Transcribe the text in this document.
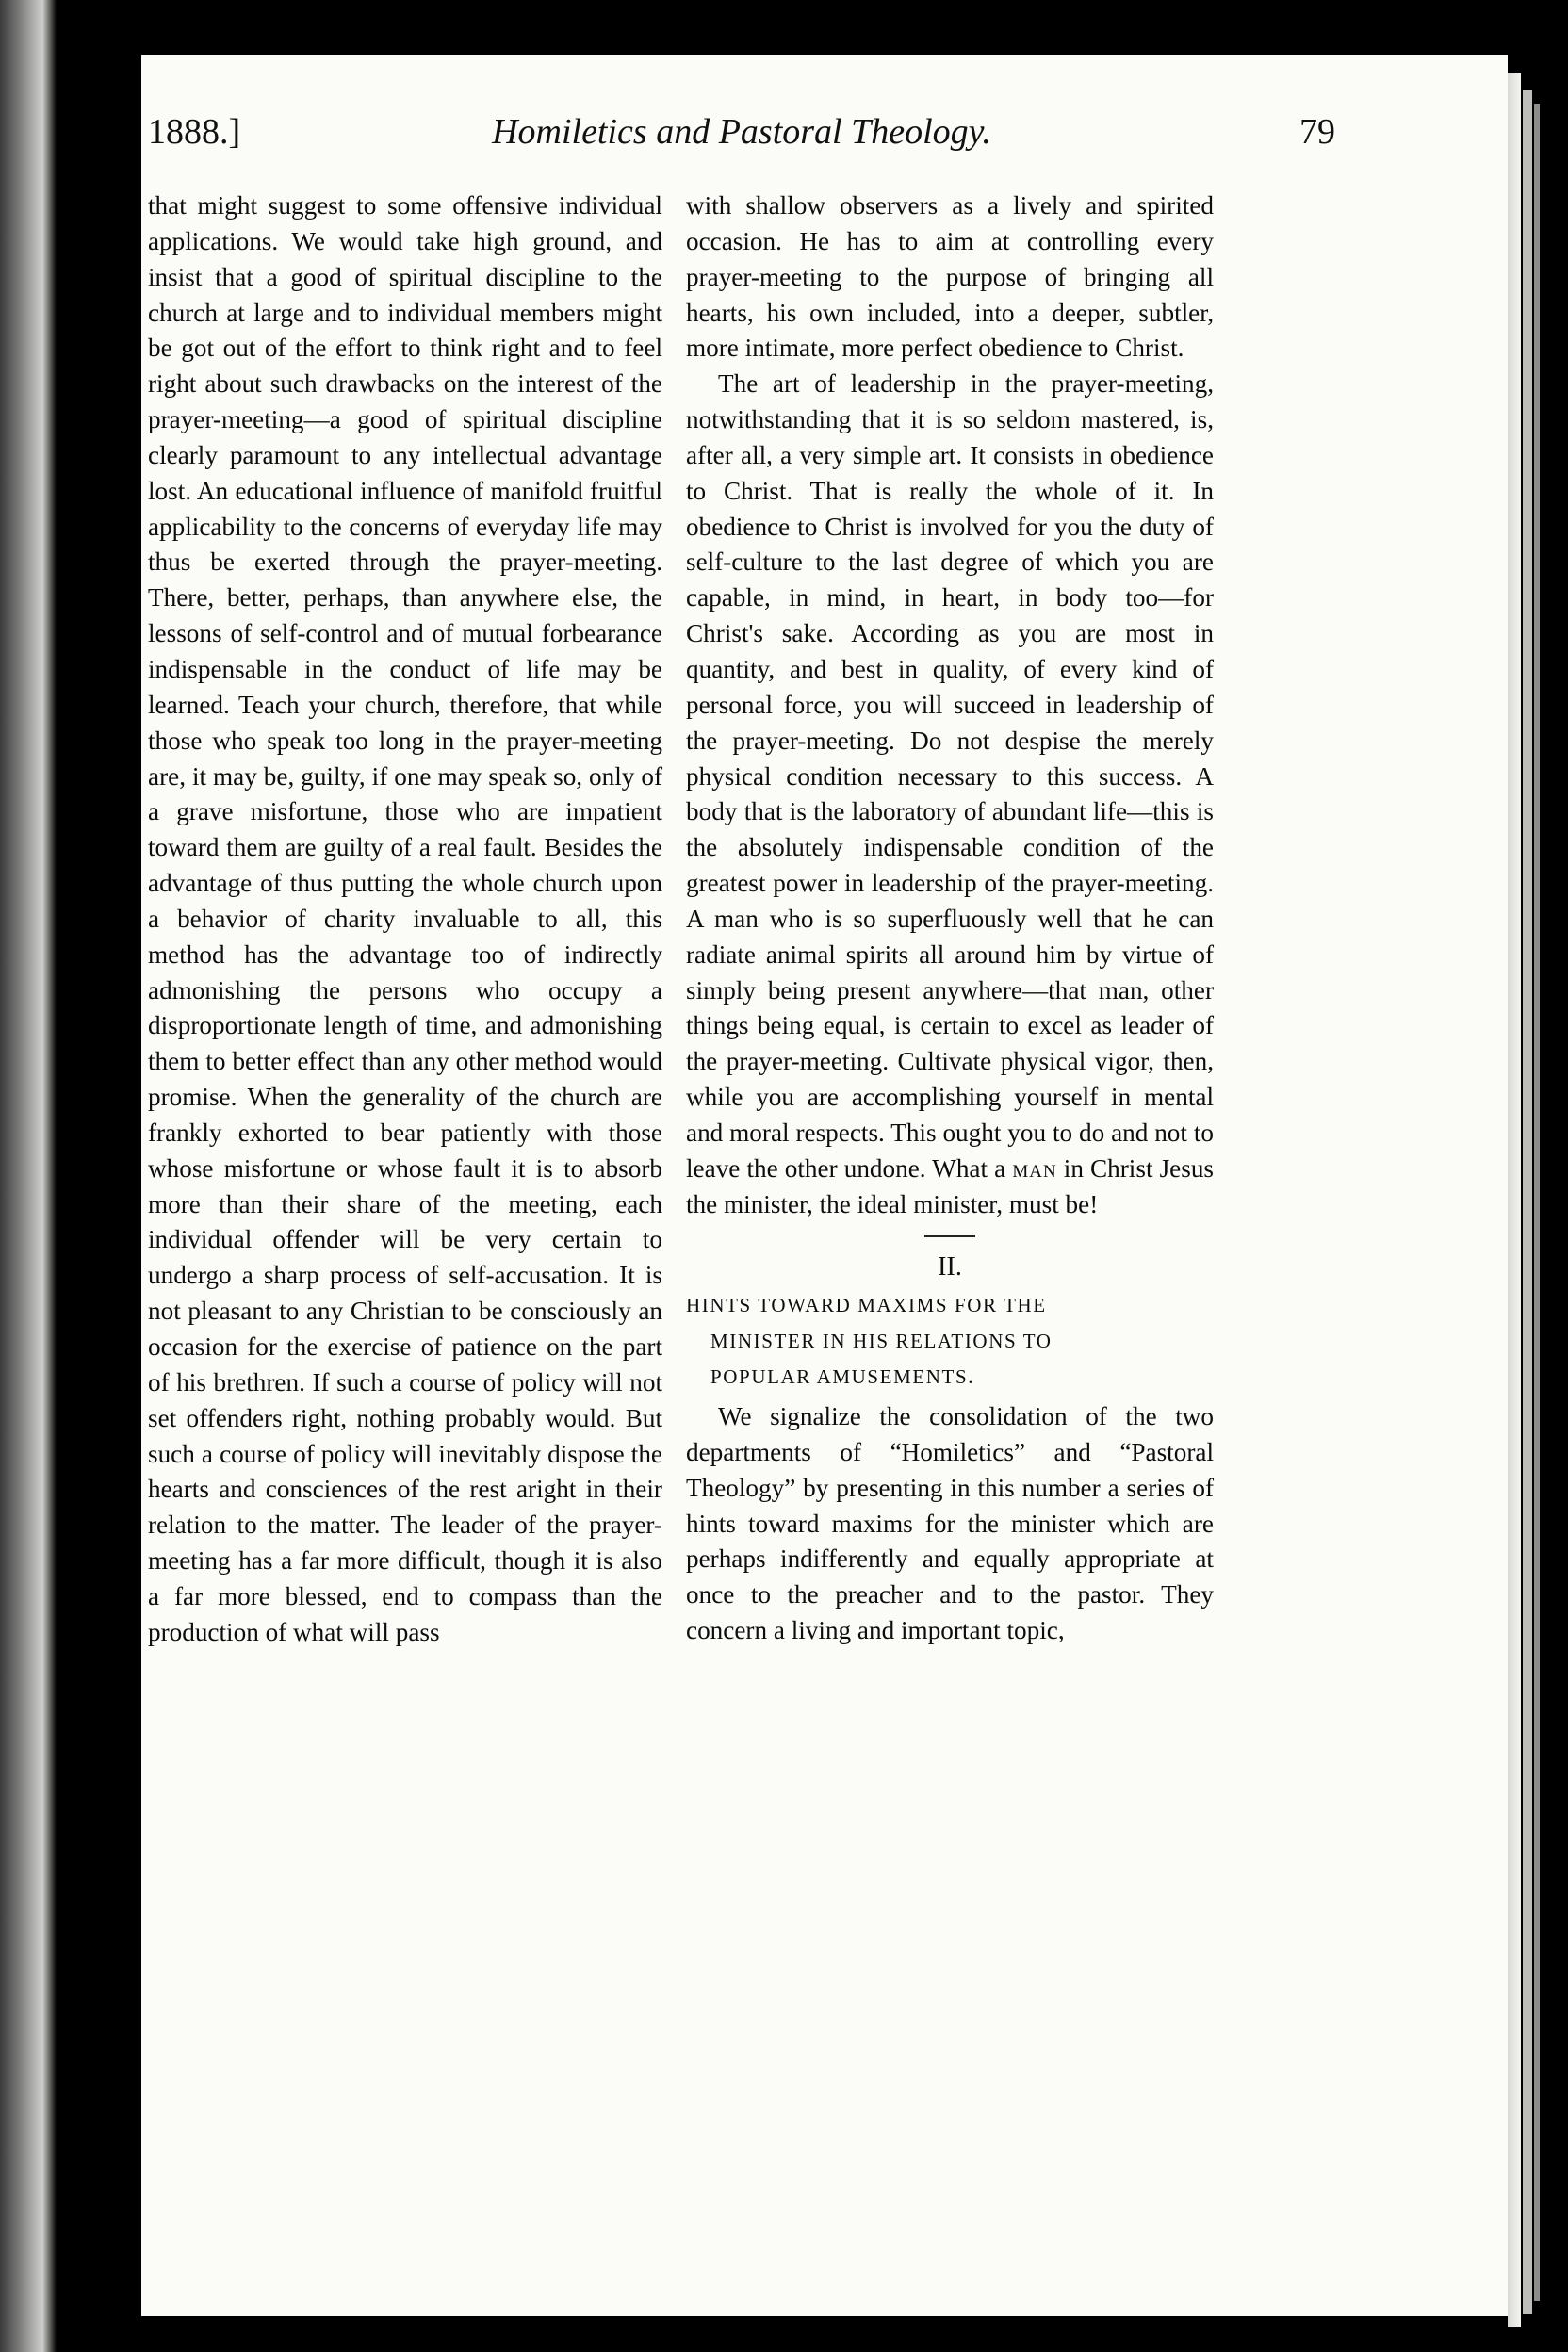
1888.]	Homiletics and Pastoral Theology.	79

that might suggest to some offensive individual applications. We would take high ground, and insist that a good of spiritual discipline to the church at large and to individual members might be got out of the effort to think right and to feel right about such drawbacks on the interest of the prayer-meeting—a good of spiritual discipline clearly paramount to any intellectual advantage lost. An educational influence of manifold fruitful applicability to the concerns of everyday life may thus be exerted through the prayer-meeting. There, better, perhaps, than anywhere else, the lessons of self-control and of mutual forbearance indispensable in the conduct of life may be learned. Teach your church, therefore, that while those who speak too long in the prayer-meeting are, it may be, guilty, if one may speak so, only of a grave misfortune, those who are impatient toward them are guilty of a real fault. Besides the advantage of thus putting the whole church upon a behavior of charity invaluable to all, this method has the advantage too of indirectly admonishing the persons who occupy a disproportionate length of time, and admonishing them to better effect than any other method would promise. When the generality of the church are frankly exhorted to bear patiently with those whose misfortune or whose fault it is to absorb more than their share of the meeting, each individual offender will be very certain to undergo a sharp process of self-accusation. It is not pleasant to any Christian to be consciously an occasion for the exercise of patience on the part of his brethren. If such a course of policy will not set offenders right, nothing probably would. But such a course of policy will inevitably dispose the hearts and consciences of the rest aright in their relation to the matter. The leader of the prayer-meeting has a far more difficult, though it is also a far more blessed, end to compass than the production of what will pass

with shallow observers as a lively and spirited occasion. He has to aim at controlling every prayer-meeting to the purpose of bringing all hearts, his own included, into a deeper, subtler, more intimate, more perfect obedience to Christ.

The art of leadership in the prayer-meeting, notwithstanding that it is so seldom mastered, is, after all, a very simple art. It consists in obedience to Christ. That is really the whole of it. In obedience to Christ is involved for you the duty of self-culture to the last degree of which you are capable, in mind, in heart, in body too—for Christ's sake. According as you are most in quantity, and best in quality, of every kind of personal force, you will succeed in leadership of the prayer-meeting. Do not despise the merely physical condition necessary to this success. A body that is the laboratory of abundant life—this is the absolutely indispensable condition of the greatest power in leadership of the prayer-meeting. A man who is so superfluously well that he can radiate animal spirits all around him by virtue of simply being present anywhere—that man, other things being equal, is certain to excel as leader of the prayer-meeting. Cultivate physical vigor, then, while you are accomplishing yourself in mental and moral respects. This ought you to do and not to leave the other undone. What a man in Christ Jesus the minister, the ideal minister, must be!

II.
HINTS TOWARD MAXIMS FOR THE
MINISTER IN HIS RELATIONS TO
POPULAR AMUSEMENTS.

We signalize the consolidation of the two departments of “Homiletics” and “Pastoral Theology” by presenting in this number a series of hints toward maxims for the minister which are perhaps indifferently and equally appropriate at once to the preacher and to the pastor. They concern a living and important topic,
